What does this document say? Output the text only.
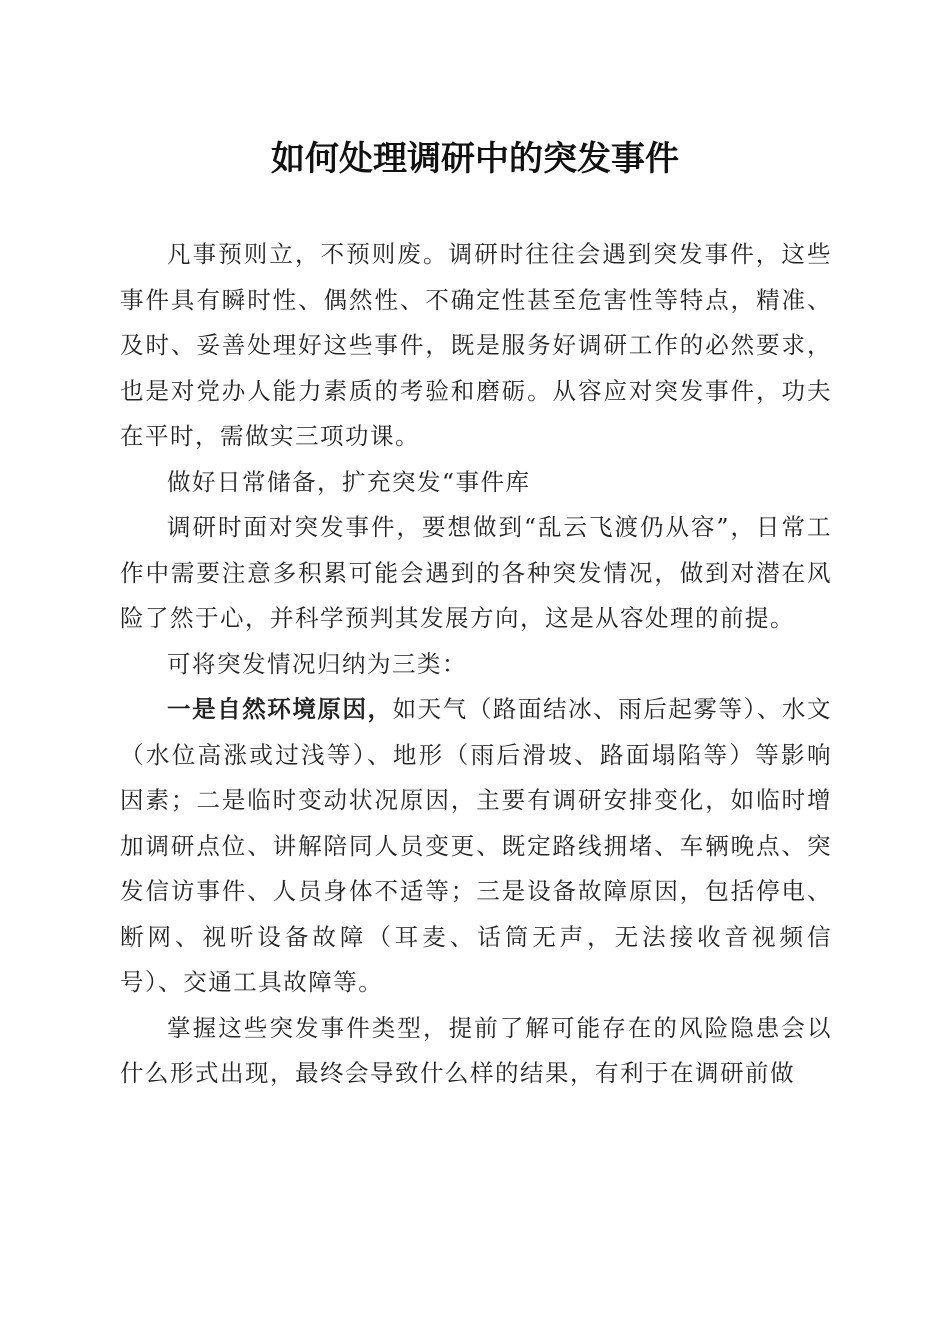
如何处理调研中的突发事件

凡事预则立，不预则废。调研时往往会遇到突发事件，这些事件具有瞬时性、偶然性、不确定性甚至危害性等特点，精准、及时、妥善处理好这些事件，既是服务好调研工作的必然要求，也是对党办人能力素质的考验和磨砺。从容应对突发事件，功夫在平时，需做实三项功课。

做好日常储备，扩充突发“事件库

调研时面对突发事件，要想做到“乱云飞渡仍从容”，日常工作中需要注意多积累可能会遇到的各种突发情况，做到对潜在风险了然于心，并科学预判其发展方向，这是从容处理的前提。

可将突发情况归纳为三类：

一是自然环境原因，如天气（路面结冰、雨后起雾等）、水文（水位高涨或过浅等）、地形（雨后滑坡、路面塌陷等）等影响因素；二是临时变动状况原因，主要有调研安排变化，如临时增加调研点位、讲解陪同人员变更、既定路线拥堵、车辆晚点、突发信访事件、人员身体不适等；三是设备故障原因，包括停电、断网、视听设备故障（耳麦、话筒无声，无法接收音视频信号）、交通工具故障等。

掌握这些突发事件类型，提前了解可能存在的风险隐患会以什么形式出现，最终会导致什么样的结果，有利于在调研前做
